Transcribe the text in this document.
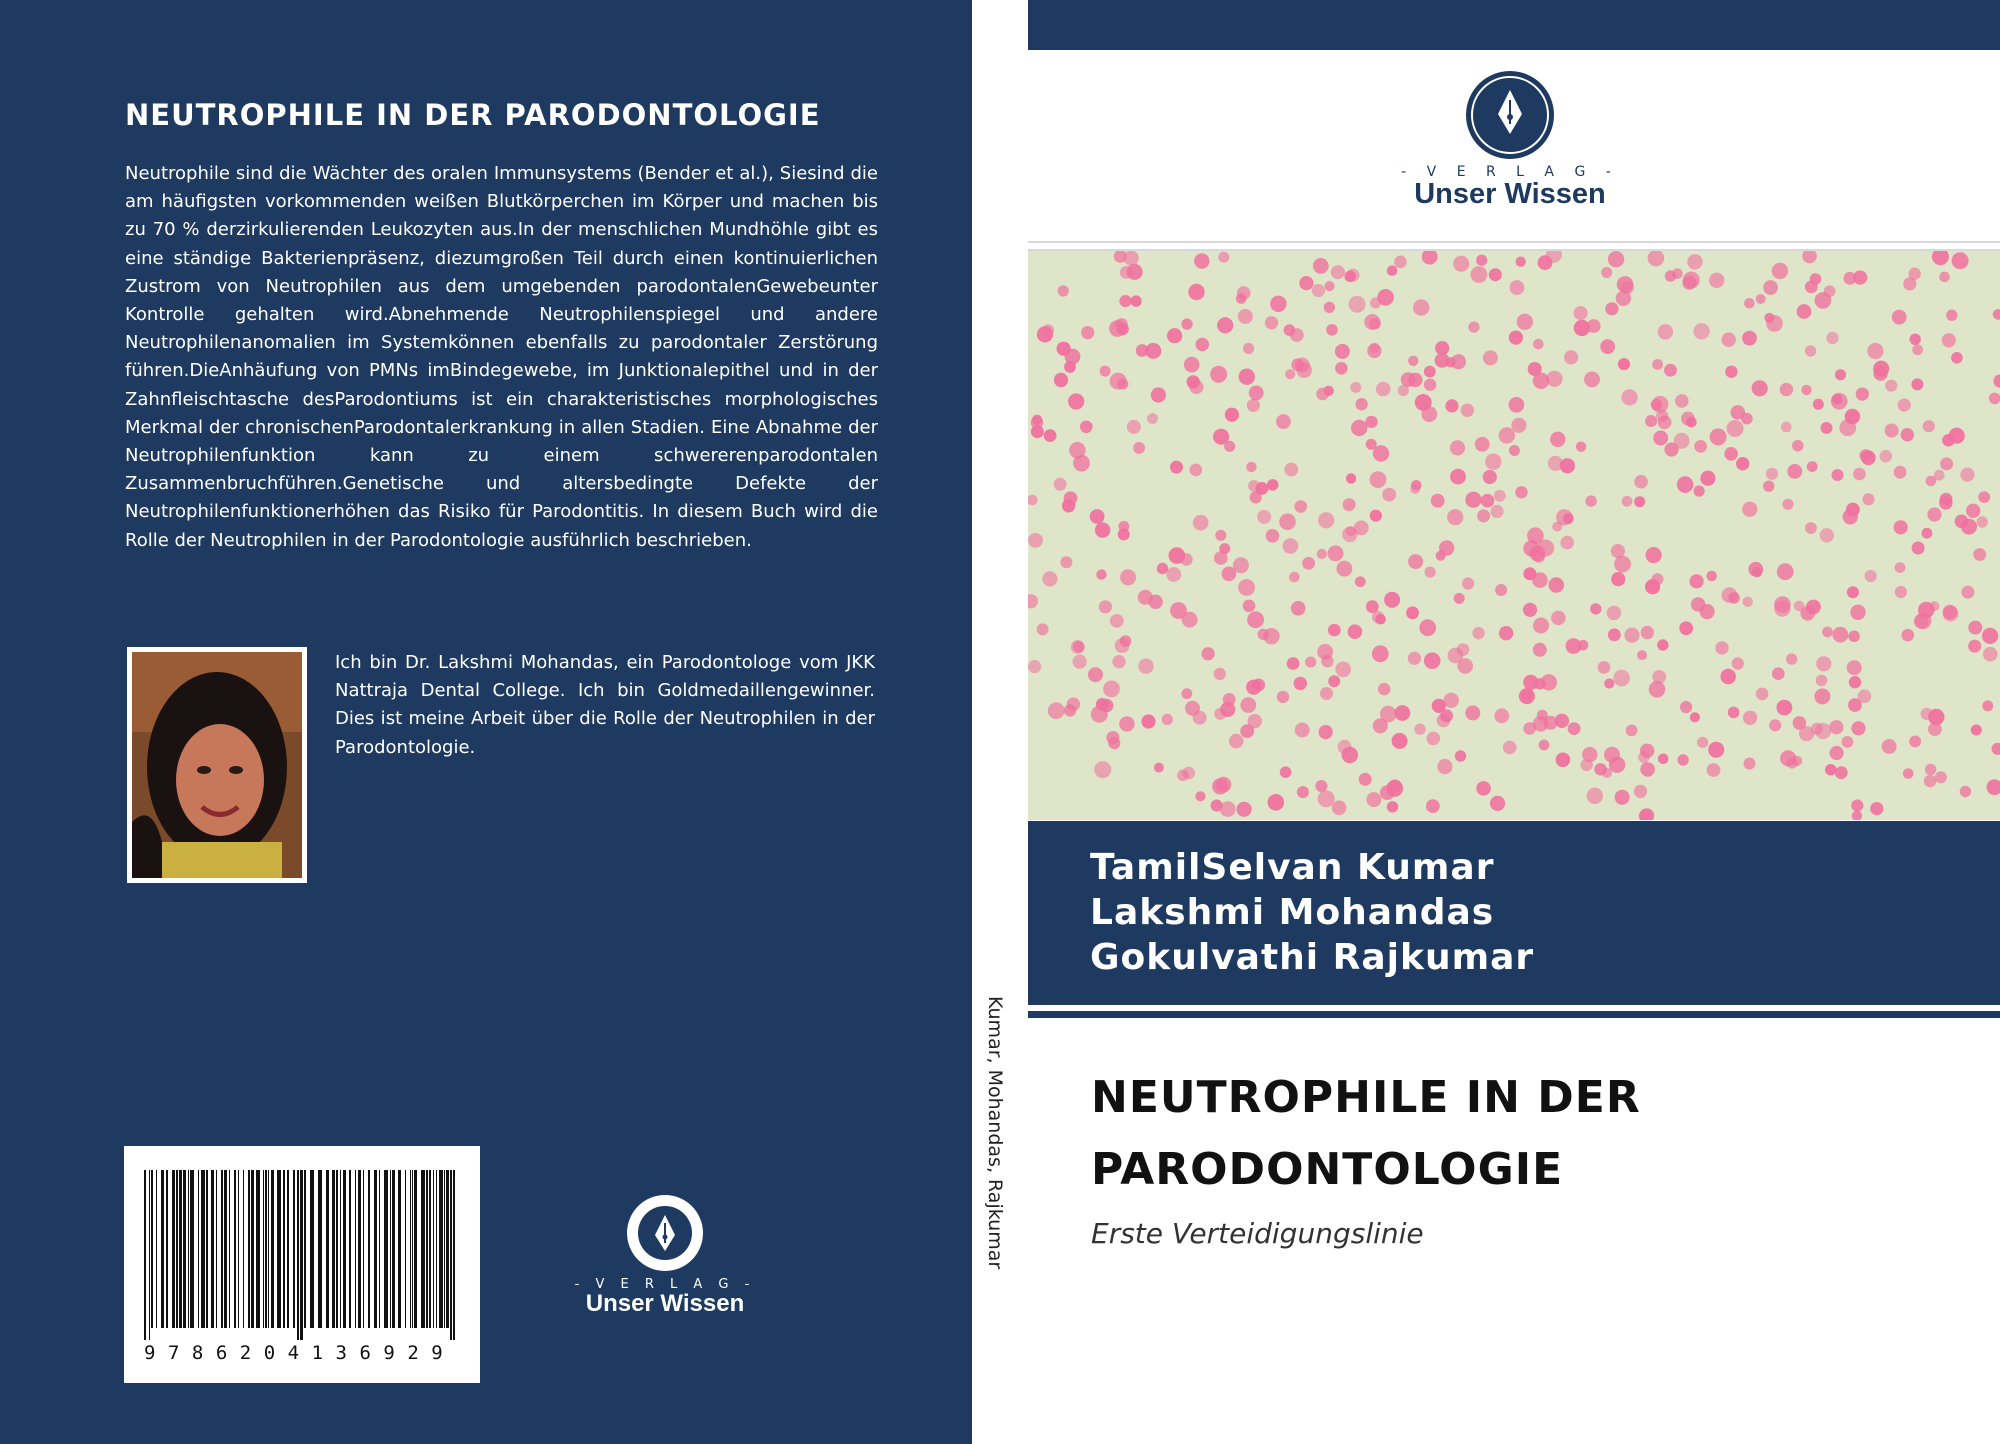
NEUTROPHILE IN DER PARODONTOLOGIE
Neutrophile sind die Wächter des oralen Immunsystems (Bender et al.), Siesind die am häufigsten vorkommenden weißen Blutkörperchen im Körper und machen bis zu 70 % derzirkulierenden Leukozyten aus.In der menschlichen Mundhöhle gibt es eine ständige Bakterienpräsenz, diezumgroßen Teil durch einen kontinuierlichen Zustrom von Neutrophilen aus dem umgebenden parodontalenGewebeunter Kontrolle gehalten wird.Abnehmende Neutrophilenspiegel und andere Neutrophilenanomalien im Systemkönnen ebenfalls zu parodontaler Zerstörung führen.DieAnhäufung von PMNs imBindegewebe, im Junktionalepithel und in der Zahnfleischtasche desParodontiums ist ein charakteristisches morphologisches Merkmal der chronischenParodontalerkrankung in allen Stadien. Eine Abnahme der Neutrophilenfunktion kann zu einem schwererenparodontalen Zusammenbruchführen.Genetische und altersbedingte Defekte der Neutrophilenfunktionerhöhen das Risiko für Parodontitis. In diesem Buch wird die Rolle der Neutrophilen in der Parodontologie ausführlich beschrieben.
Ich bin Dr. Lakshmi Mohandas, ein Parodontologe vom JKK Nattraja Dental College. Ich bin Goldmedaillengewinner. Dies ist meine Arbeit über die Rolle der Neutrophilen in der Parodontologie.
9786204136929
- V E R L A G -
Unser Wissen
Kumar, Mohandas, Rajkumar
- V E R L A G -
Unser Wissen
TamilSelvan Kumar
Lakshmi Mohandas
Gokulvathi Rajkumar
NEUTROPHILE IN DER
PARODONTOLOGIE
Erste Verteidigungslinie
